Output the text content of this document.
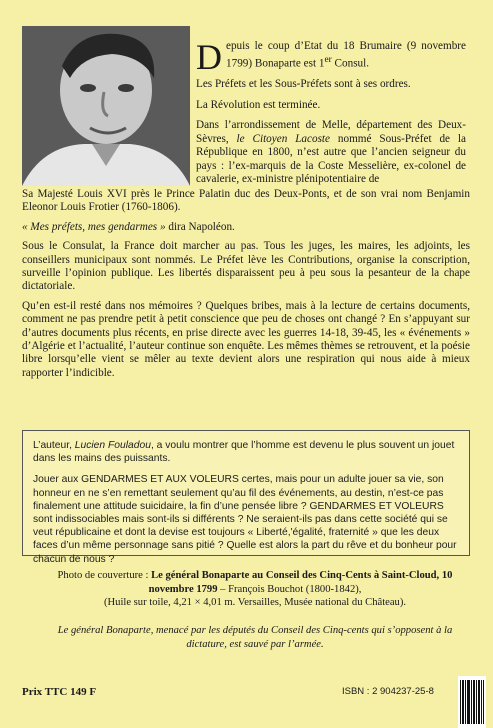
Depuis le coup d’Etat du 18 Brumaire (9 novembre 1799) Bonaparte est 1er Consul.

Les Préfets et les Sous-Préfets sont à ses ordres.

La Révolution est terminée.

Dans l’arrondissement de Melle, département des Deux-Sèvres, le Citoyen Lacoste nommé Sous-Préfet de la République en 1800, n’est autre que l’ancien seigneur du pays : l’ex-marquis de la Coste Messelière, ex-colonel de cavalerie, ex-ministre plénipotentiaire de

Sa Majesté Louis XVI près le Prince Palatin duc des Deux-Ponts, et de son vrai nom Benjamin Eleonor Louis Frotier (1760-1806).

« Mes préfets, mes gendarmes » dira Napoléon.

Sous le Consulat, la France doit marcher au pas. Tous les juges, les maires, les adjoints, les conseillers municipaux sont nommés. Le Préfet lève les Contributions, organise la conscription, surveille l’opinion publique. Les libertés disparaissent peu à peu sous la pesanteur de la chape dictatoriale.

Qu’en est-il resté dans nos mémoires ? Quelques bribes, mais à la lecture de certains documents, comment ne pas prendre petit à petit conscience que peu de choses ont changé ? En s’appuyant sur d’autres documents plus récents, en prise directe avec les guerres 14-18, 39-45, les « événements » d’Algérie et l’actualité, l’auteur continue son enquête. Les mêmes thèmes se retrouvent, et la poésie libre lorsqu’elle vient se mêler au texte devient alors une respiration qui nous aide à mieux rapporter l’indicible.

L’auteur, Lucien Fouladou, a voulu montrer que l’homme est devenu le plus souvent un jouet dans les mains des puissants.

Jouer aux GENDARMES ET AUX VOLEURS certes, mais pour un adulte jouer sa vie, son honneur en ne s’en remettant seulement qu’au fil des événements, au destin, n’est-ce pas finalement une attitude suicidaire, la fin d’une pensée libre ? GENDARMES ET VOLEURS sont indissociables mais sont-ils si différents ? Ne seraient-ils pas dans cette société qui se veut républicaine et dont la devise est toujours « Liberté,'égalité, fraternité » que les deux faces d’un même personnage sans pitié ? Quelle est alors la part du rêve et du bonheur pour chacun de nous ?

Photo de couverture : Le général Bonaparte au Conseil des Cinq-Cents à Saint-Cloud, 10 novembre 1799 – François Bouchot (1800-1842),
(Huile sur toile, 4,21 × 4,01 m. Versailles, Musée national du Château).
Le général Bonaparte, menacé par les députés du Conseil des Cinq-cents qui s’opposent à la dictature, est sauvé par l’armée.
Prix TTC 149 F	ISBN : 2 904237-25-8
